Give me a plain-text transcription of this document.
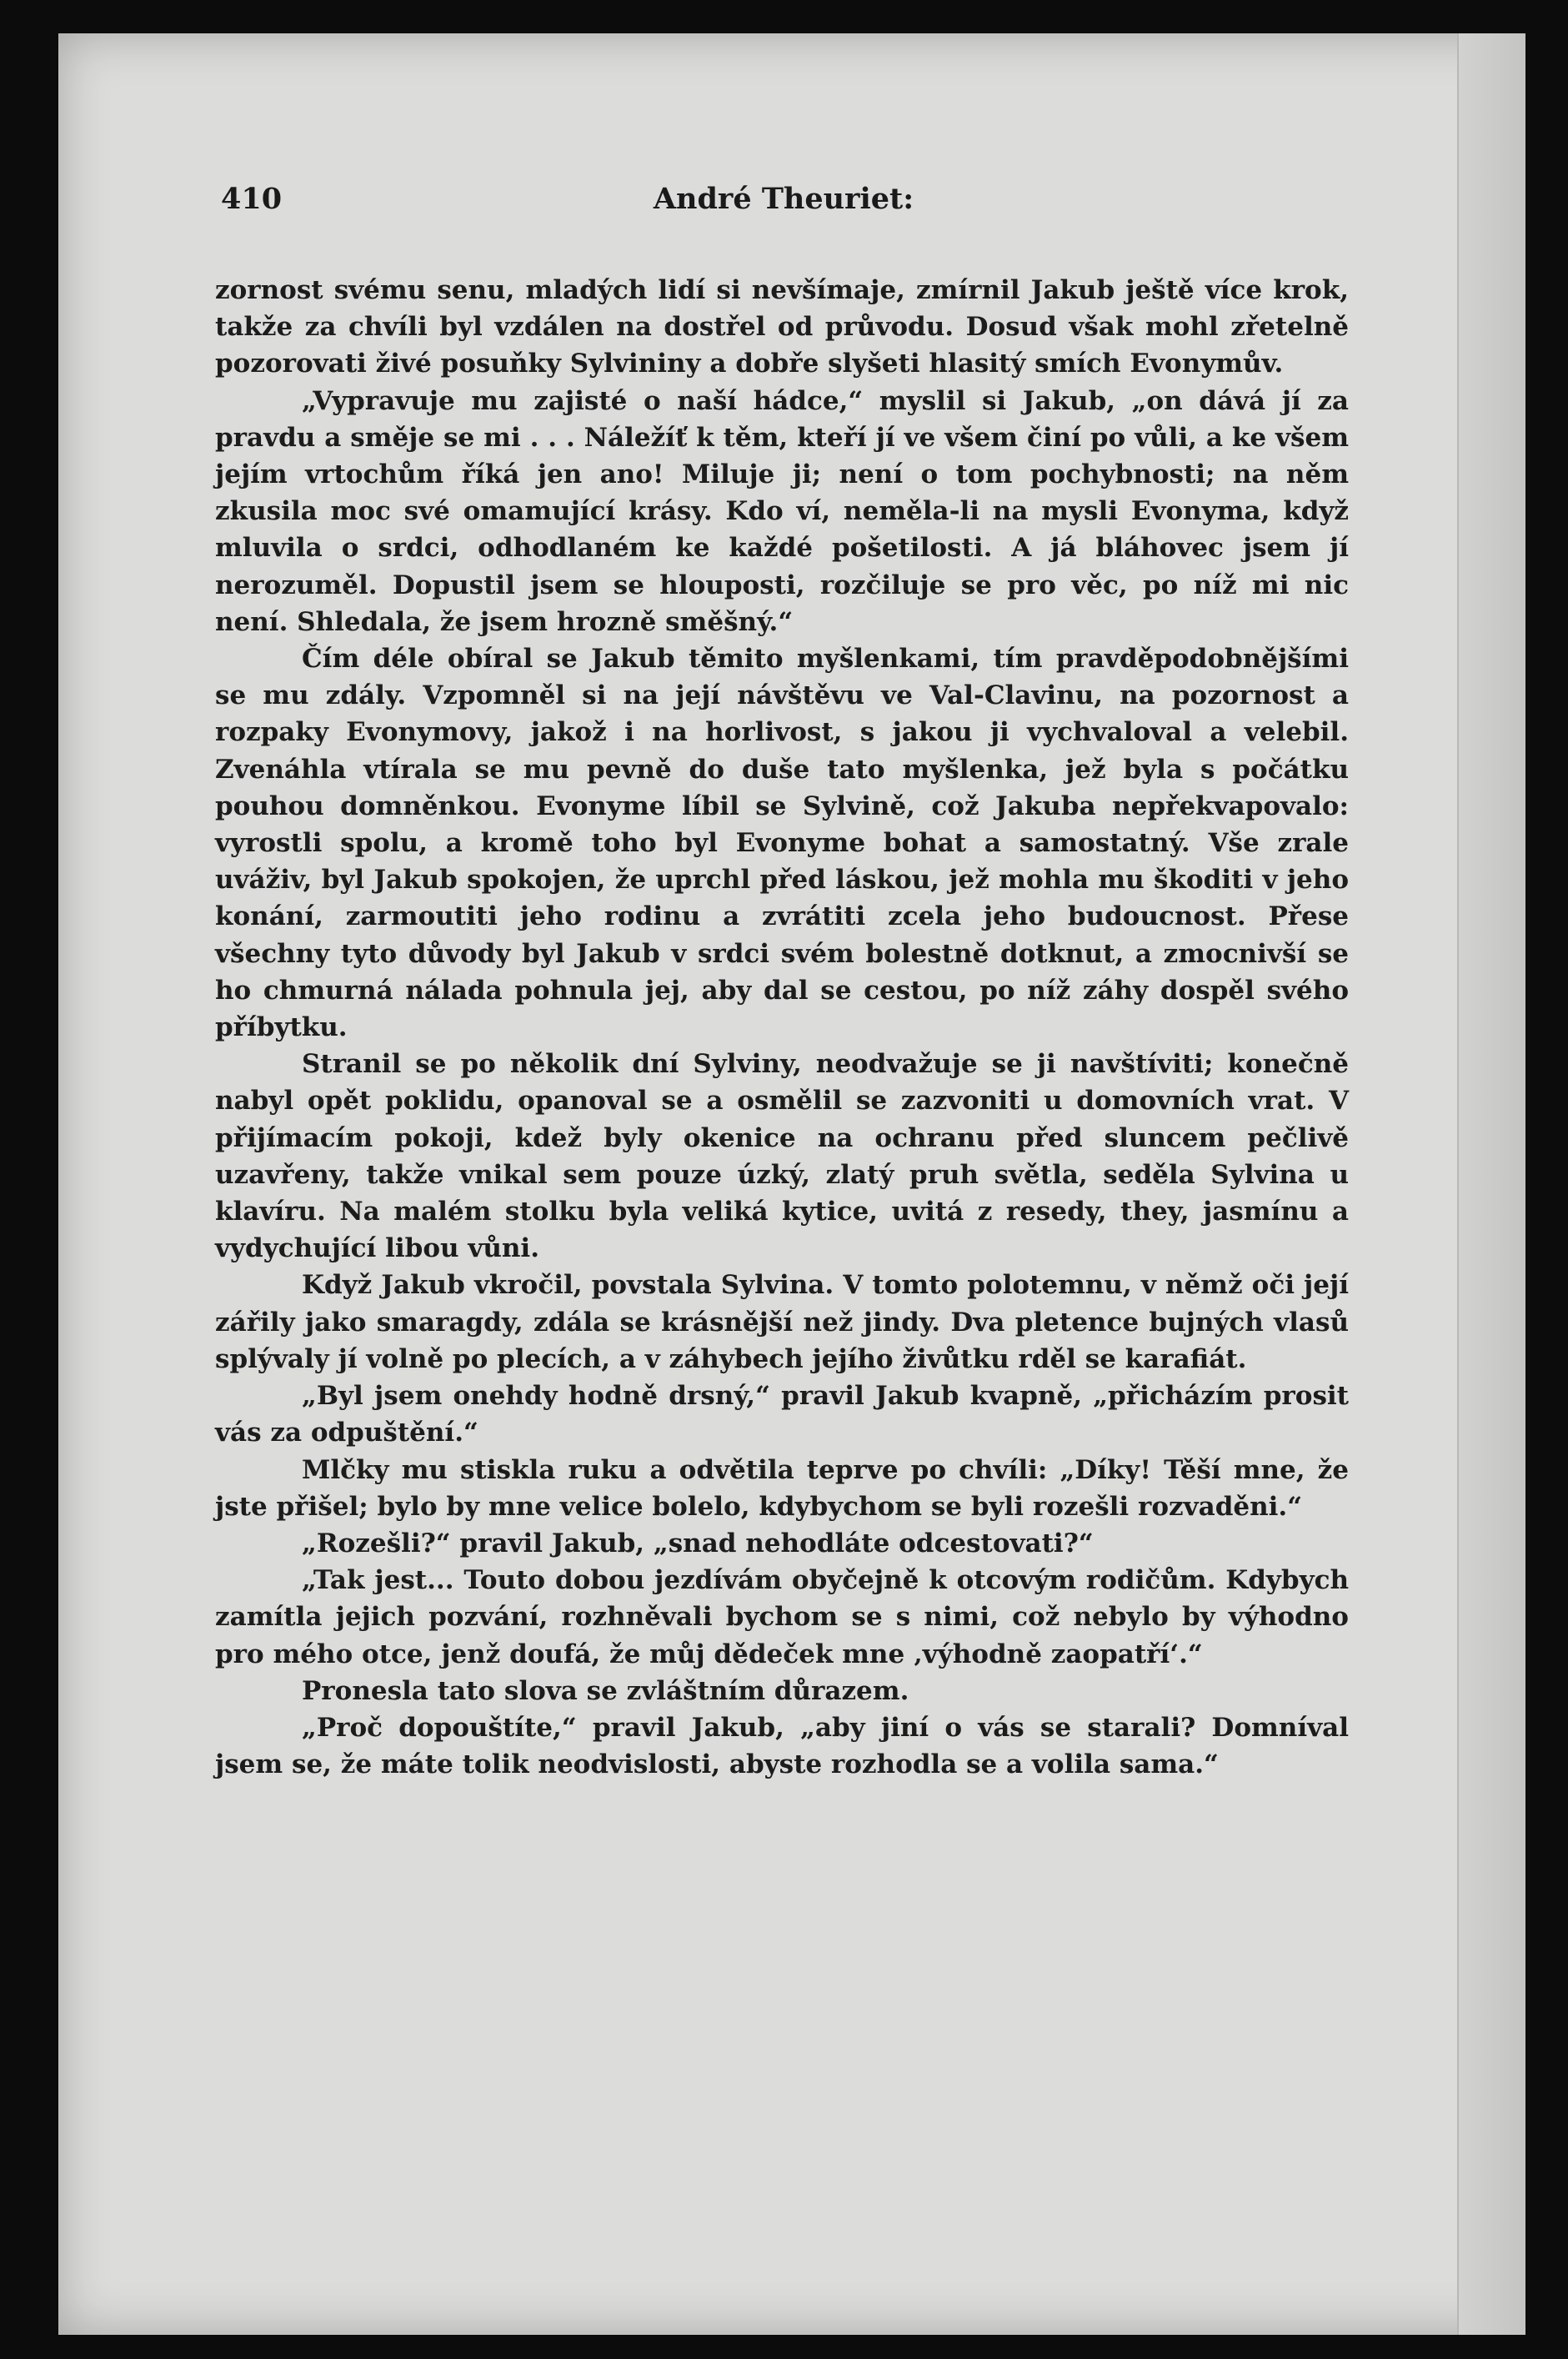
410	André Theuriet:

zornost svému senu, mladých lidí si nevšímaje, zmírnil Jakub ještě více krok, takže za chvíli byl vzdálen na dostřel od průvodu. Dosud však mohl zřetelně pozorovati živé posuňky Sylvininy a dobře slyšeti hlasitý smích Evonymův.

„Vypravuje mu zajisté o naší hádce,“ myslil si Jakub, „on dává jí za pravdu a směje se mi . . . Náležíť k těm, kteří jí ve všem činí po vůli, a ke všem jejím vrtochům říká jen ano! Miluje ji; není o tom pochybnosti; na něm zkusila moc své omamující krásy. Kdo ví, neměla-li na mysli Evonyma, když mluvila o srdci, odhodlaném ke každé pošetilosti. A já bláhovec jsem jí nerozuměl. Dopustil jsem se hlouposti, rozčiluje se pro věc, po níž mi nic není. Shledala, že jsem hrozně směšný.“

Čím déle obíral se Jakub těmito myšlenkami, tím pravděpodobnějšími se mu zdály. Vzpomněl si na její návštěvu ve Val-Clavinu, na pozornost a rozpaky Evonymovy, jakož i na horlivost, s jakou ji vychvaloval a velebil. Zvenáhla vtírala se mu pevně do duše tato myšlenka, jež byla s počátku pouhou domněnkou. Evonyme líbil se Sylvině, což Jakuba nepřekvapovalo: vyrostli spolu, a kromě toho byl Evonyme bohat a samostatný. Vše zrale uváživ, byl Jakub spokojen, že uprchl před láskou, jež mohla mu škoditi v jeho konání, zarmoutiti jeho rodinu a zvrátiti zcela jeho budoucnost. Přese všechny tyto důvody byl Jakub v srdci svém bolestně dotknut, a zmocnivší se ho chmurná nálada pohnula jej, aby dal se cestou, po níž záhy dospěl svého příbytku.

Stranil se po několik dní Sylviny, neodvažuje se ji navštíviti; konečně nabyl opět poklidu, opanoval se a osmělil se zazvoniti u domovních vrat. V přijímacím pokoji, kdež byly okenice na ochranu před sluncem pečlivě uzavřeny, takže vnikal sem pouze úzký, zlatý pruh světla, seděla Sylvina u klavíru. Na malém stolku byla veliká kytice, uvitá z resedy, they, jasmínu a vydychující libou vůni.

Když Jakub vkročil, povstala Sylvina. V tomto polotemnu, v němž oči její zářily jako smaragdy, zdála se krásnější než jindy. Dva pletence bujných vlasů splývaly jí volně po plecích, a v záhybech jejího živůtku rděl se karafiát.

„Byl jsem onehdy hodně drsný,“ pravil Jakub kvapně, „přicházím prosit vás za odpuštění.“

Mlčky mu stiskla ruku a odvětila teprve po chvíli: „Díky! Těší mne, že jste přišel; bylo by mne velice bolelo, kdybychom se byli rozešli rozvaděni.“

„Rozešli?“ pravil Jakub, „snad nehodláte odcestovati?“

„Tak jest... Touto dobou jezdívám obyčejně k otcovým rodičům. Kdybych zamítla jejich pozvání, rozhněvali bychom se s nimi, což nebylo by výhodno pro mého otce, jenž doufá, že můj dědeček mne ‚výhodně zaopatří‘.“

Pronesla tato slova se zvláštním důrazem.

„Proč dopouštíte,“ pravil Jakub, „aby jiní o vás se starali? Domníval jsem se, že máte tolik neodvislosti, abyste rozhodla se a volila sama.“
